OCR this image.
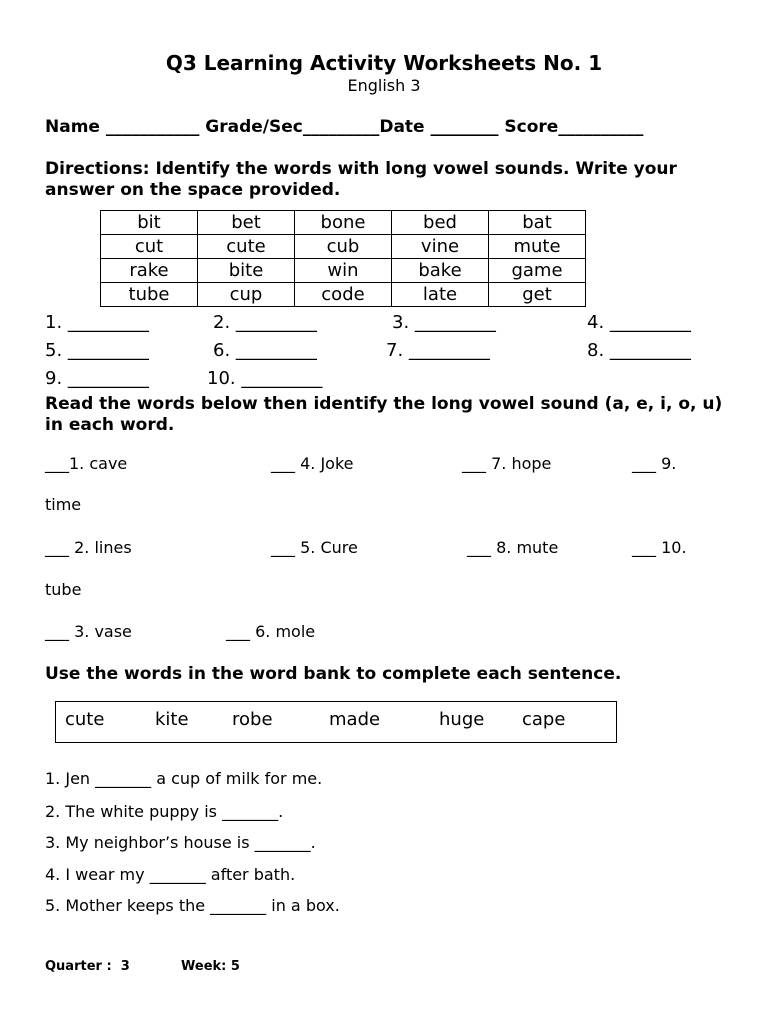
Q3 Learning Activity Worksheets No. 1
English 3
Name ___________ Grade/Sec_________Date ________ Score__________
Directions: Identify the words with long vowel sounds. Write your answer on the space provided.
bit	bet	bone	bed	bat
cut	cute	cub	vine	mute
rake	bite	win	bake	game
tube	cup	code	late	get
1. _________	2. _________	3. _________	4. _________
5. _________	6. _________	7. _________	8. _________
9. _________	10. _________
Read the words below then identify the long vowel sound (a, e, i, o, u) in each word.
___1. cave	___ 4. Joke	___ 7. hope	___ 9.
time
___ 2. lines	___ 5. Cure	___ 8. mute	___ 10.
tube
___ 3. vase	___ 6. mole
Use the words in the word bank to complete each sentence.
cute	kite robe	made	huge cape
1. Jen _______ a cup of milk for me.
2. The white puppy is _______.
3. My neighbor’s house is _______.
4. I wear my _______ after bath.
5. Mother keeps the _______ in a box.
Quarter :  3	Week: 5
